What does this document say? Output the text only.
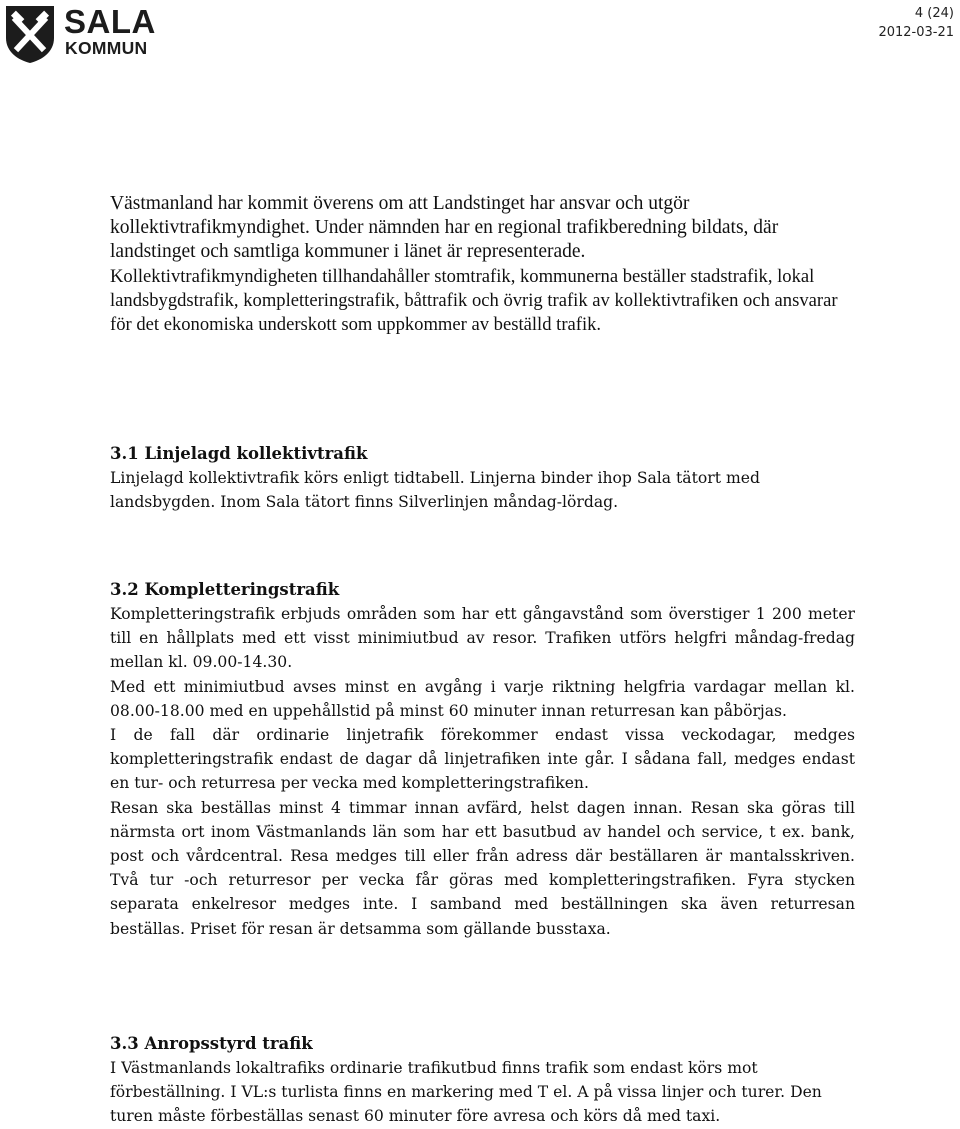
SALA
KOMMUN
4 (24)
2012-03-21

Västmanland har kommit överens om att Landstinget har ansvar och utgör kollektivtrafikmyndighet. Under nämnden har en regional trafikberedning bildats, där landstinget och samtliga kommuner i länet är representerade.

Kollektivtrafikmyndigheten tillhandahåller stomtrafik, kommunerna beställer stadstrafik, lokal landsbygdstrafik, kompletteringstrafik, båttrafik och övrig trafik av kollektivtrafiken och ansvarar för det ekonomiska underskott som uppkommer av beställd trafik.

3.1 Linjelagd kollektivtrafik

Linjelagd kollektivtrafik körs enligt tidtabell. Linjerna binder ihop Sala tätort med landsbygden. Inom Sala tätort finns Silverlinjen måndag-lördag.

3.2 Kompletteringstrafik

Kompletteringstrafik erbjuds områden som har ett gångavstånd som överstiger 1 200 meter till en hållplats med ett visst minimiutbud av resor. Trafiken utförs helgfri måndag-fredag mellan kl. 09.00-14.30.

Med ett minimiutbud avses minst en avgång i varje riktning helgfria vardagar mellan kl. 08.00-18.00 med en uppehållstid på minst 60 minuter innan returresan kan påbörjas.

I de fall där ordinarie linjetrafik förekommer endast vissa veckodagar, medges kompletteringstrafik endast de dagar då linjetrafiken inte går. I sådana fall, medges endast en tur- och returresa per vecka med kompletteringstrafiken.

Resan ska beställas minst 4 timmar innan avfärd, helst dagen innan. Resan ska göras till närmsta ort inom Västmanlands län som har ett basutbud av handel och service, t ex. bank, post och vårdcentral. Resa medges till eller från adress där beställaren är mantalsskriven. Två tur -och returresor per vecka får göras med kompletteringstrafiken. Fyra stycken separata enkelresor medges inte. I samband med beställningen ska även returresan beställas. Priset för resan är detsamma som gällande busstaxa.

3.3 Anropsstyrd trafik

I Västmanlands lokaltrafiks ordinarie trafikutbud finns trafik som endast körs mot förbeställning. I VL:s turlista finns en markering med T el. A på vissa linjer och turer. Den turen måste förbeställas senast 60 minuter före avresa och körs då med taxi.
